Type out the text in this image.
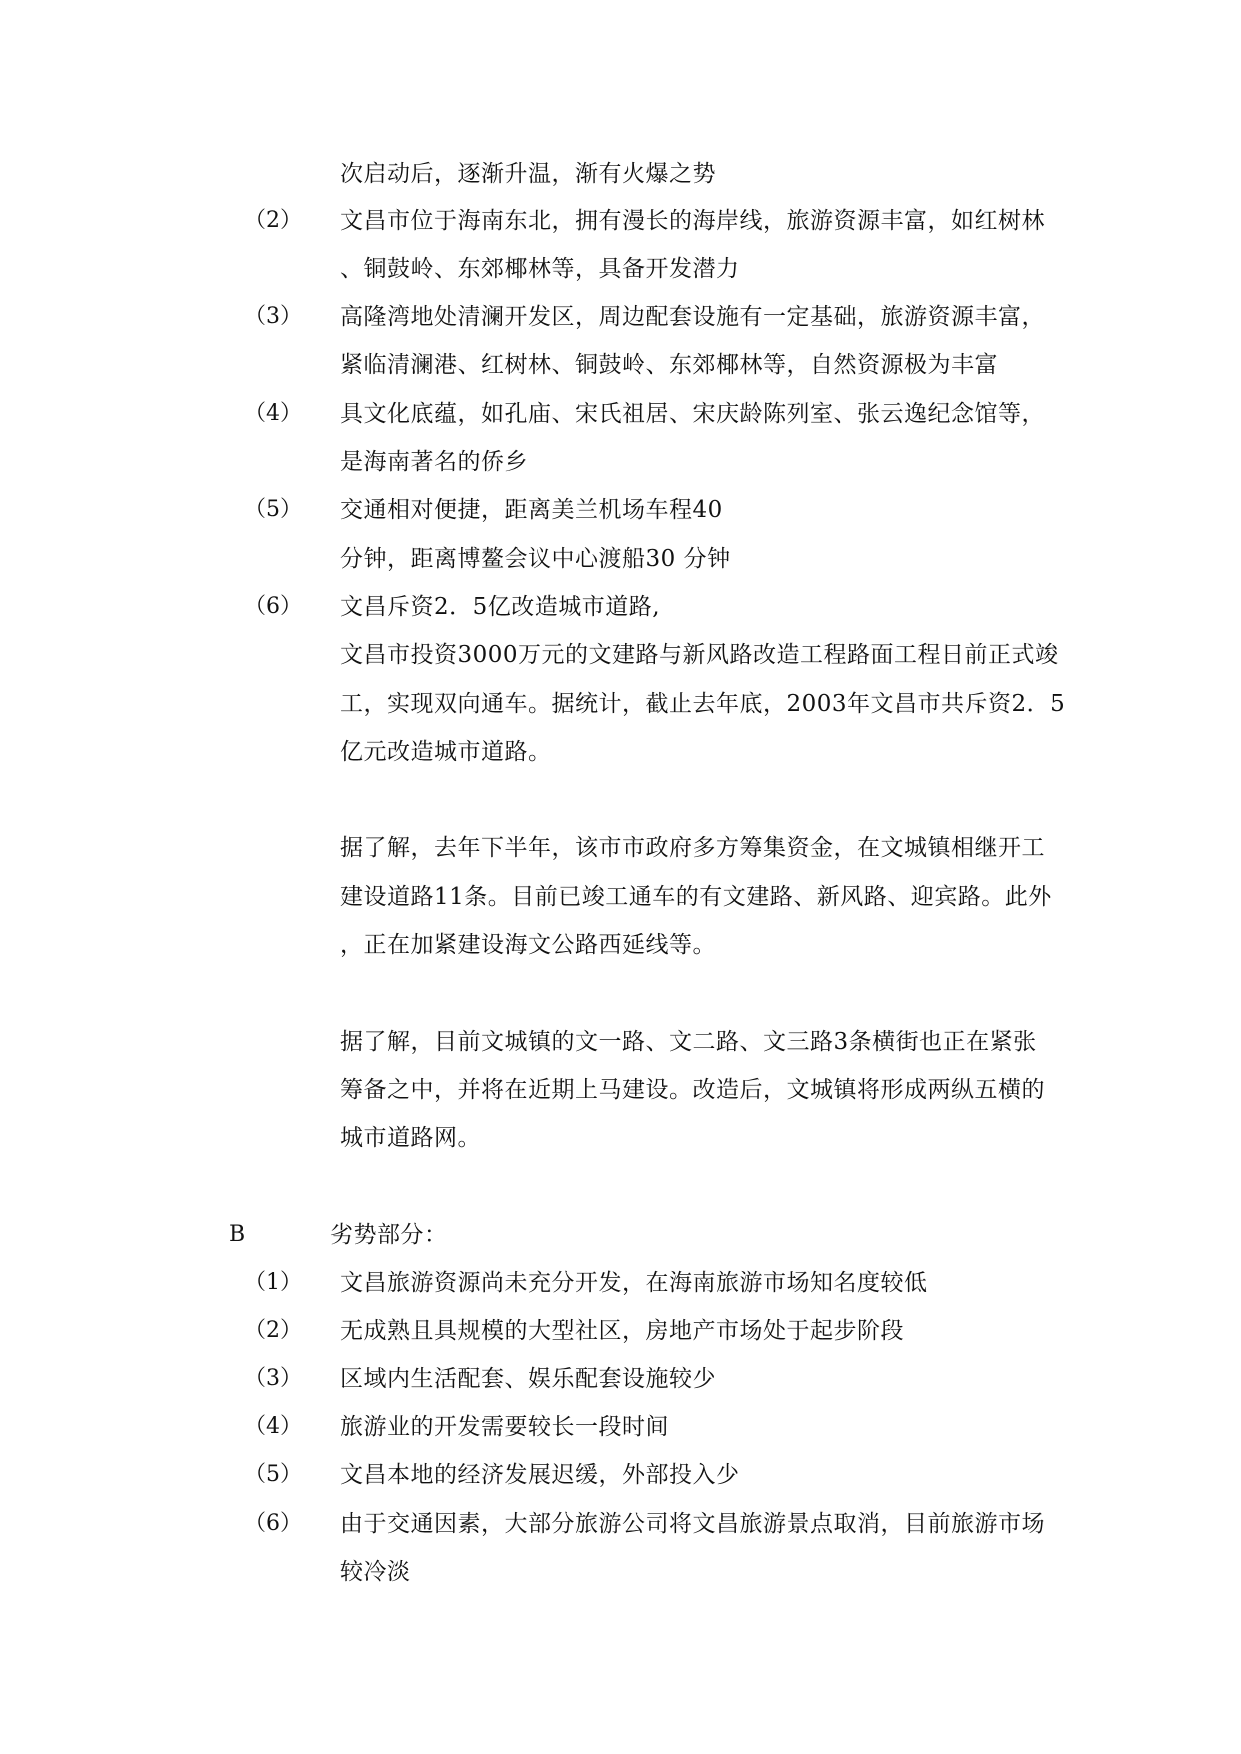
次启动后，逐渐升温，渐有火爆之势
（2） 文昌市位于海南东北，拥有漫长的海岸线，旅游资源丰富，如红树林
、铜鼓岭、东郊椰林等，具备开发潜力
（3） 高隆湾地处清澜开发区，周边配套设施有一定基础，旅游资源丰富，
紧临清澜港、红树林、铜鼓岭、东郊椰林等，自然资源极为丰富
（4） 具文化底蕴，如孔庙、宋氏祖居、宋庆龄陈列室、张云逸纪念馆等，
是海南著名的侨乡
（5） 交通相对便捷，距离美兰机场车程40
分钟，距离博鳌会议中心渡船30 分钟
（6） 文昌斥资2．5亿改造城市道路,
文昌市投资3000万元的文建路与新风路改造工程路面工程日前正式竣
工，实现双向通车。据统计，截止去年底，2003年文昌市共斥资2．5
亿元改造城市道路。
据了解，去年下半年，该市市政府多方筹集资金，在文城镇相继开工
建设道路11条。目前已竣工通车的有文建路、新风路、迎宾路。此外
，正在加紧建设海文公路西延线等。
据了解，目前文城镇的文一路、文二路、文三路3条横街也正在紧张
筹备之中，并将在近期上马建设。改造后，文城镇将形成两纵五横的
城市道路网。
B	劣势部分：
（1） 文昌旅游资源尚未充分开发，在海南旅游市场知名度较低
（2） 无成熟且具规模的大型社区，房地产市场处于起步阶段
（3） 区域内生活配套、娱乐配套设施较少
（4） 旅游业的开发需要较长一段时间
（5） 文昌本地的经济发展迟缓，外部投入少
（6） 由于交通因素，大部分旅游公司将文昌旅游景点取消，目前旅游市场
较冷淡
